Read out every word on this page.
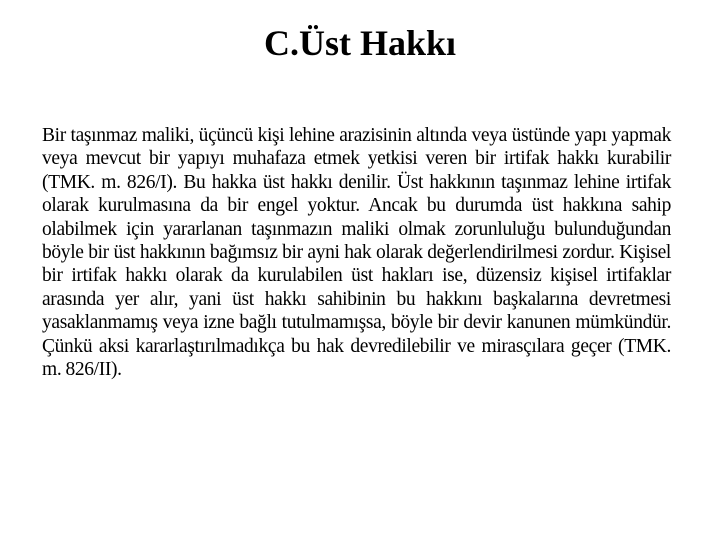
C.Üst Hakkı

Bir taşınmaz maliki, üçüncü kişi lehine arazisinin altında veya üstünde yapı yapmak veya mevcut bir yapıyı muhafaza etmek yetkisi veren bir irtifak hakkı kurabilir (TMK. m. 826/I). Bu hakka üst hakkı denilir. Üst hakkının taşınmaz lehine irtifak olarak kurulmasına da bir engel yoktur. Ancak bu durumda üst hakkına sahip olabilmek için yararlanan taşınmazın maliki olmak zorunluluğu bulunduğundan böyle bir üst hakkının bağımsız bir ayni hak olarak değerlendirilmesi zordur. Kişisel bir irtifak hakkı olarak da kurulabilen üst hakları ise, düzensiz kişisel irtifaklar arasında yer alır, yani üst hakkı sahibinin bu hakkını başkalarına devretmesi yasaklanmamış veya izne bağlı tutulmamışsa, böyle bir devir kanunen mümkündür. Çünkü aksi kararlaştırılmadıkça bu hak devredilebilir ve mirasçılara geçer (TMK. m. 826/II).
